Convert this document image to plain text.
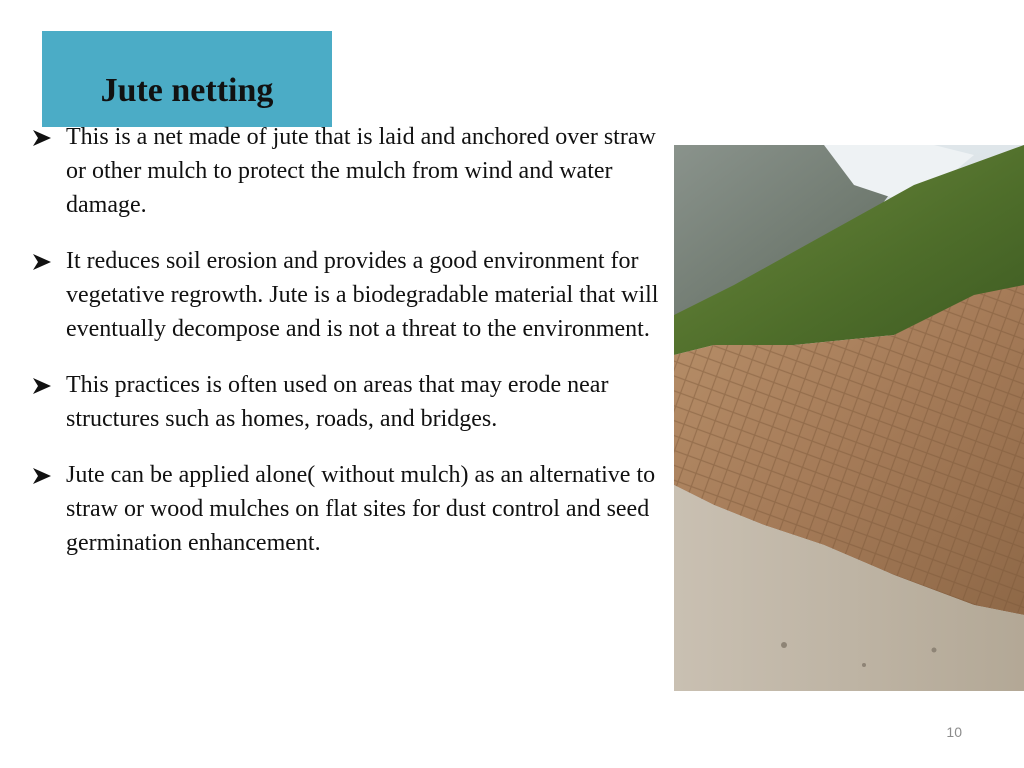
Jute netting
This is a net made of jute that is laid and anchored over straw or other mulch to protect the mulch from wind and water damage.
It reduces soil erosion and provides a good environment for vegetative regrowth. Jute is a biodegradable material that will eventually decompose and is not a threat to the environment.
This practices is often used on areas that may erode near structures such as homes, roads, and bridges.
Jute can be applied alone( without mulch) as an alternative to straw or wood mulches on flat sites for dust control and seed germination enhancement.
10
